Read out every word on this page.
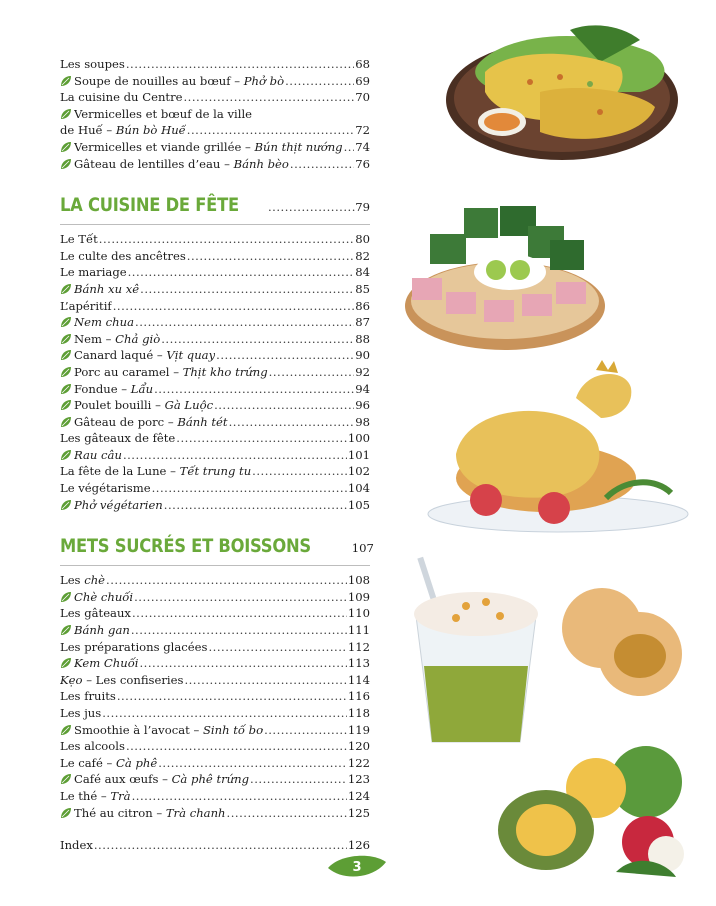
Les soupes .....	68
Soupe de nouilles au bœuf – Phở bò .....	69
La cuisine du Centre .....	70
Vermicelles et bœuf de la ville
de Huế – Bún bò Huế .....	72
Vermicelles et viande grillée – Bún thịt nướng ..... 74
Gâteau de lentilles d’eau – Bánh bèo .....	76
LA CUISINE DE FÊTE .....	79
Le Tết .....	80
Le culte des ancêtres .....	82
Le mariage .....	84
Bánh xu xê .....	85
L’apéritif .....	86
Nem chua .....	87
Nem – Chả giò .....	88
Canard laqué – Vịt quay .....	90
Porc au caramel – Thịt kho trứng .....	92
Fondue – Lẩu .....	94
Poulet bouilli – Gà Luộc .....	96
Gâteau de porc – Bánh tét .....	98
Les gâteaux de fête .....	100
Rau câu .....	101
La fête de la Lune – Tết trung tu .....	102
Le végétarisme .....	104
Phở végétarien .....	105
METS SUCRÉS ET BOISSONS	107
Les chè .....	108
Chè chuối .....	109
Les gâteaux .....	110
Bánh gan .....	111
Les préparations glacées .....	112
Kem Chuối .....	113
Kẹo – Les confiseries .....	114
Les fruits .....	116
Les jus .....	118
Smoothie à l’avocat – Sinh tố bơ .....	119
Les alcools .....	120
Le café – Cà phê .....	122
Café aux œufs – Cà phê trứng .....	123
Le thé – Trà .....	124
Thé au citron – Trà chanh .....	125
Index .....	126
3
